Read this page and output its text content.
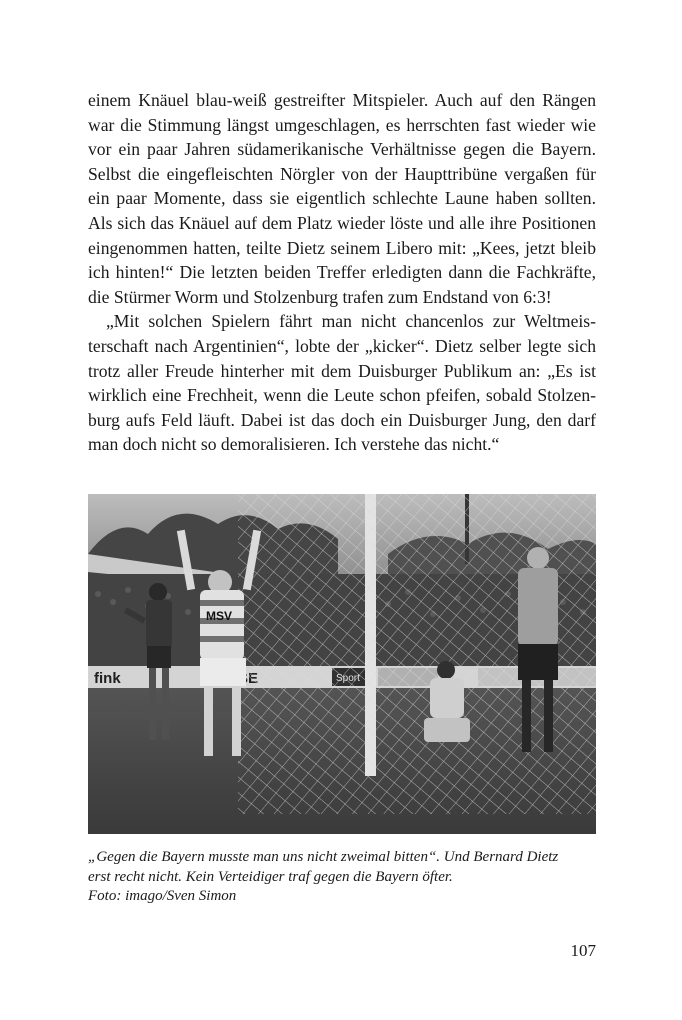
einem Knäuel blau-weiß gestreifter Mitspieler. Auch auf den Rängen
war die Stimmung längst umgeschlagen, es herrschten fast wieder wie
vor ein paar Jahren südamerikanische Verhältnisse gegen die Bayern.
Selbst die eingefleischten Nörgler von der Haupttribüne vergaßen für
ein paar Momente, dass sie eigentlich schlechte Laune haben sollten.
Als sich das Knäuel auf dem Platz wieder löste und alle ihre Positionen
eingenommen hatten, teilte Dietz seinem Libero mit: „Kees, jetzt bleib
ich hinten!“ Die letzten beiden Treffer erledigten dann die Fachkräfte,
die Stürmer Worm und Stolzenburg trafen zum Endstand von 6:3!
„Mit solchen Spielern fährt man nicht chancenlos zur Weltmeis-
terschaft nach Argentinien“, lobte der „kicker“. Dietz selber legte sich
trotz aller Freude hinterher mit dem Duisburger Publikum an: „Es ist
wirklich eine Frechheit, wenn die Leute schon pfeifen, sobald Stolzen-
burg aufs Feld läuft. Dabei ist das doch ein Duisburger Jung, den darf
man doch nicht so demoralisieren. Ich verstehe das nicht.“
fink
MSV
„Gegen die Bayern musste man uns nicht zweimal bitten“. Und Bernard Dietz
erst recht nicht. Kein Verteidiger traf gegen die Bayern öfter.
Foto: imago/Sven Simon
107
